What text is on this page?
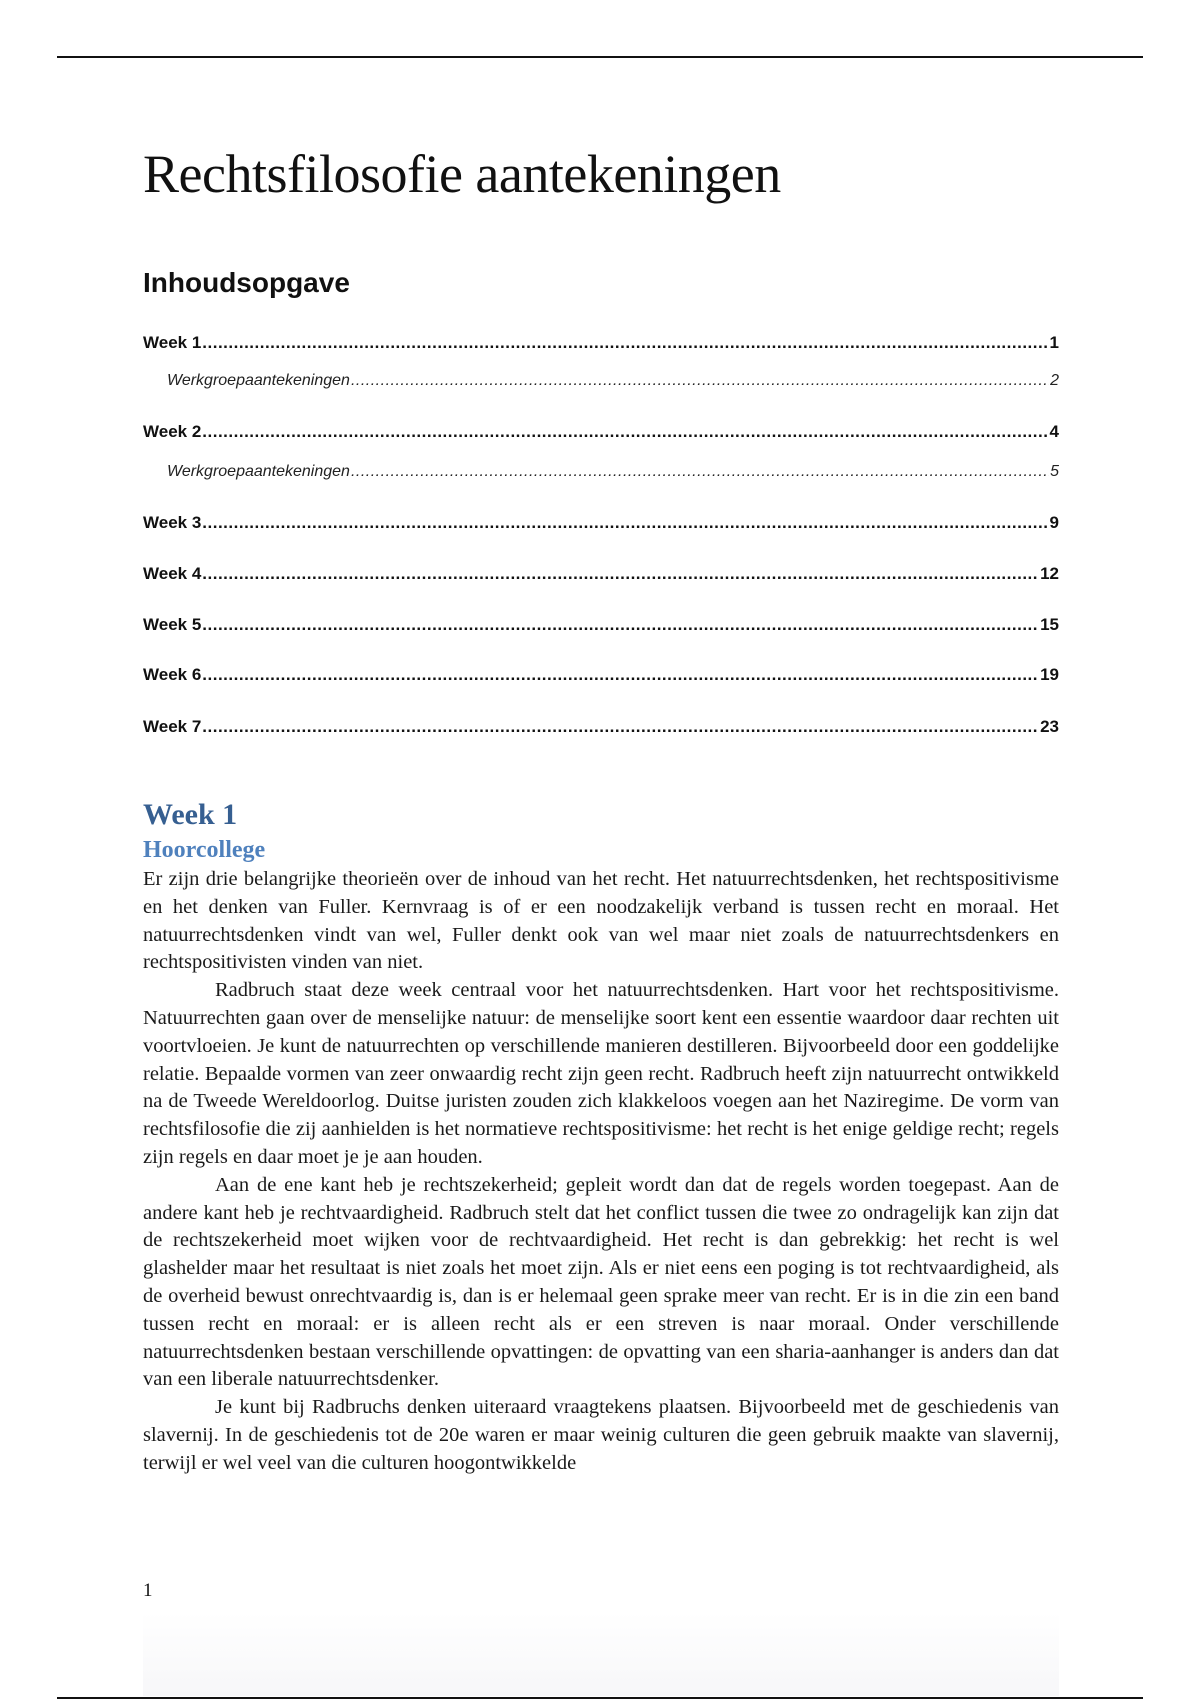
Rechtsfilosofie aantekeningen
Inhoudsopgave
Week 1 .....	1
Werkgroepaantekeningen .....	2
Week 2 .....	4
Werkgroepaantekeningen .....	5
Week 3 .....	9
Week 4 .....	12
Week 5 .....	15
Week 6 .....	19
Week 7 .....	23
Week 1
Hoorcollege

Er zijn drie belangrijke theorieën over de inhoud van het recht. Het natuurrechtsdenken, het rechtspositivisme en het denken van Fuller. Kernvraag is of er een noodzakelijk verband is tussen recht en moraal. Het natuurrechtsdenken vindt van wel, Fuller denkt ook van wel maar niet zoals de natuurrechtsdenkers en rechtspositivisten vinden van niet.

Radbruch staat deze week centraal voor het natuurrechtsdenken. Hart voor het rechtspositivisme. Natuurrechten gaan over de menselijke natuur: de menselijke soort kent een essentie waardoor daar rechten uit voortvloeien. Je kunt de natuurrechten op verschillende manieren destilleren. Bijvoorbeeld door een goddelijke relatie. Bepaalde vormen van zeer onwaardig recht zijn geen recht. Radbruch heeft zijn natuurrecht ontwikkeld na de Tweede Wereldoorlog. Duitse juristen zouden zich klakkeloos voegen aan het Naziregime. De vorm van rechtsfilosofie die zij aanhielden is het normatieve rechtspositivisme: het recht is het enige geldige recht; regels zijn regels en daar moet je je aan houden.

Aan de ene kant heb je rechtszekerheid; gepleit wordt dan dat de regels worden toegepast. Aan de andere kant heb je rechtvaardigheid. Radbruch stelt dat het conflict tussen die twee zo ondragelijk kan zijn dat de rechtszekerheid moet wijken voor de rechtvaardigheid. Het recht is dan gebrekkig: het recht is wel glashelder maar het resultaat is niet zoals het moet zijn. Als er niet eens een poging is tot rechtvaardigheid, als de overheid bewust onrechtvaardig is, dan is er helemaal geen sprake meer van recht. Er is in die zin een band tussen recht en moraal: er is alleen recht als er een streven is naar moraal. Onder verschillende natuurrechtsdenken bestaan verschillende opvattingen: de opvatting van een sharia-aanhanger is anders dan dat van een liberale natuurrechtsdenker.

Je kunt bij Radbruchs denken uiteraard vraagtekens plaatsen. Bijvoorbeeld met de geschiedenis van slavernij. In de geschiedenis tot de 20e waren er maar weinig culturen die geen gebruik maakte van slavernij, terwijl er wel veel van die culturen hoogontwikkelde

1
